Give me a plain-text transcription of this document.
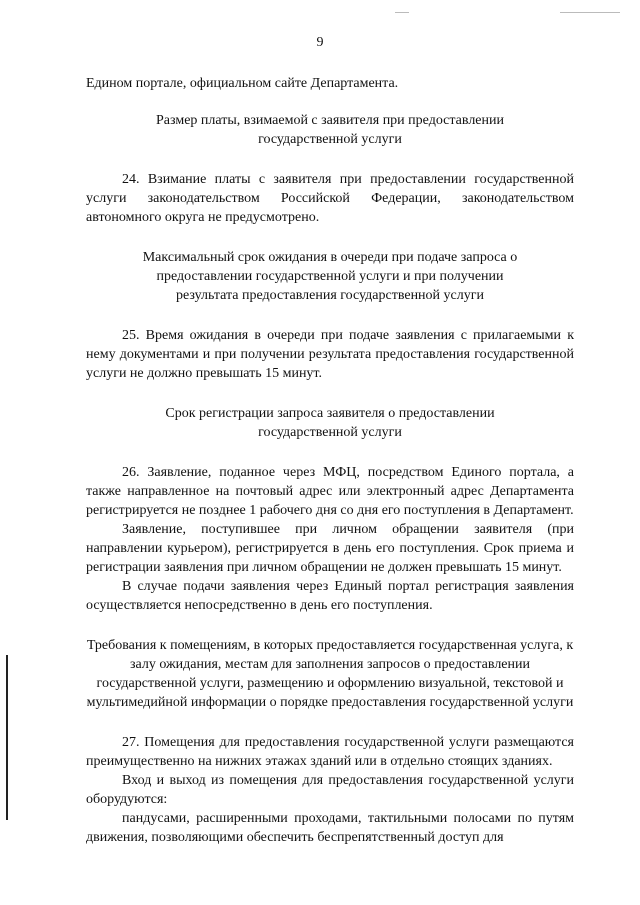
9

Едином портале, официальном сайте Департамента.

Размер платы, взимаемой с заявителя при предоставлении государственной услуги

24. Взимание платы с заявителя при предоставлении государственной услуги законодательством Российской Федерации, законодательством автономного округа не предусмотрено.

Максимальный срок ожидания в очереди при подаче запроса о предоставлении государственной услуги и при получении результата предоставления государственной услуги

25. Время ожидания в очереди при подаче заявления с прилагаемыми к нему документами и при получении результата предоставления государственной услуги не должно превышать 15 минут.

Срок регистрации запроса заявителя о предоставлении государственной услуги

26. Заявление, поданное через МФЦ, посредством Единого портала, а также направленное на почтовый адрес или электронный адрес Департамента регистрируется не позднее 1 рабочего дня со дня его поступления в Департамент.

Заявление, поступившее при личном обращении заявителя (при направлении курьером), регистрируется в день его поступления. Срок приема и регистрации заявления при личном обращении не должен превышать 15 минут.

В случае подачи заявления через Единый портал регистрация заявления осуществляется непосредственно в день его поступления.

Требования к помещениям, в которых предоставляется государственная услуга, к залу ожидания, местам для заполнения запросов о предоставлении государственной услуги, размещению и оформлению визуальной, текстовой и мультимедийной информации о порядке предоставления государственной услуги

27. Помещения для предоставления государственной услуги размещаются преимущественно на нижних этажах зданий или в отдельно стоящих зданиях.

Вход и выход из помещения для предоставления государственной услуги оборудуются:

пандусами, расширенными проходами, тактильными полосами по путям движения, позволяющими обеспечить беспрепятственный доступ для
